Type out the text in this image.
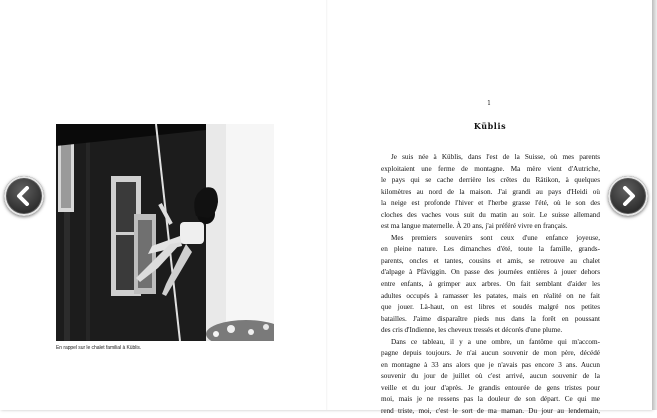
En rappel sur le chalet familial à Küblis.
1
Küblis
Je suis née à Küblis, dans l'est de la Suisse, où mes parents
exploitaient une ferme de montagne. Ma mère vient d'Autriche,
le pays qui se cache derrière les crêtes du Rätikon, à quelques
kilomètres au nord de la maison. J'ai grandi au pays d'Heidi où
la neige est profonde l'hiver et l'herbe grasse l'été, où le son des
cloches des vaches vous suit du matin au soir. Le suisse allemand
est ma langue maternelle. À 20 ans, j'ai préféré vivre en français.
Mes premiers souvenirs sont ceux d'une enfance joyeuse,
en pleine nature. Les dimanches d'été, toute la famille, grands-
parents, oncles et tantes, cousins et amis, se retrouve au chalet
d'alpage à Pfäviggin. On passe des journées entières à jouer dehors
entre enfants, à grimper aux arbres. On fait semblant d'aider les
adultes occupés à ramasser les patates, mais en réalité on ne fait
que jouer. Là-haut, on est libres et soudés malgré nos petites
batailles. J'aime disparaître pieds nus dans la forêt en poussant
des cris d'Indienne, les cheveux tressés et décorés d'une plume.
Dans ce tableau, il y a une ombre, un fantôme qui m'accom-
pagne depuis toujours. Je n'ai aucun souvenir de mon père, décédé
en montagne à 33 ans alors que je n'avais pas encore 3 ans. Aucun
souvenir du jour de juillet où c'est arrivé, aucun souvenir de la
veille et du jour d'après. Je grandis entourée de gens tristes pour
moi, mais je ne ressens pas la douleur de son départ. Ce qui me
rend triste, moi, c'est le sort de ma maman. Du jour au lendemain,
